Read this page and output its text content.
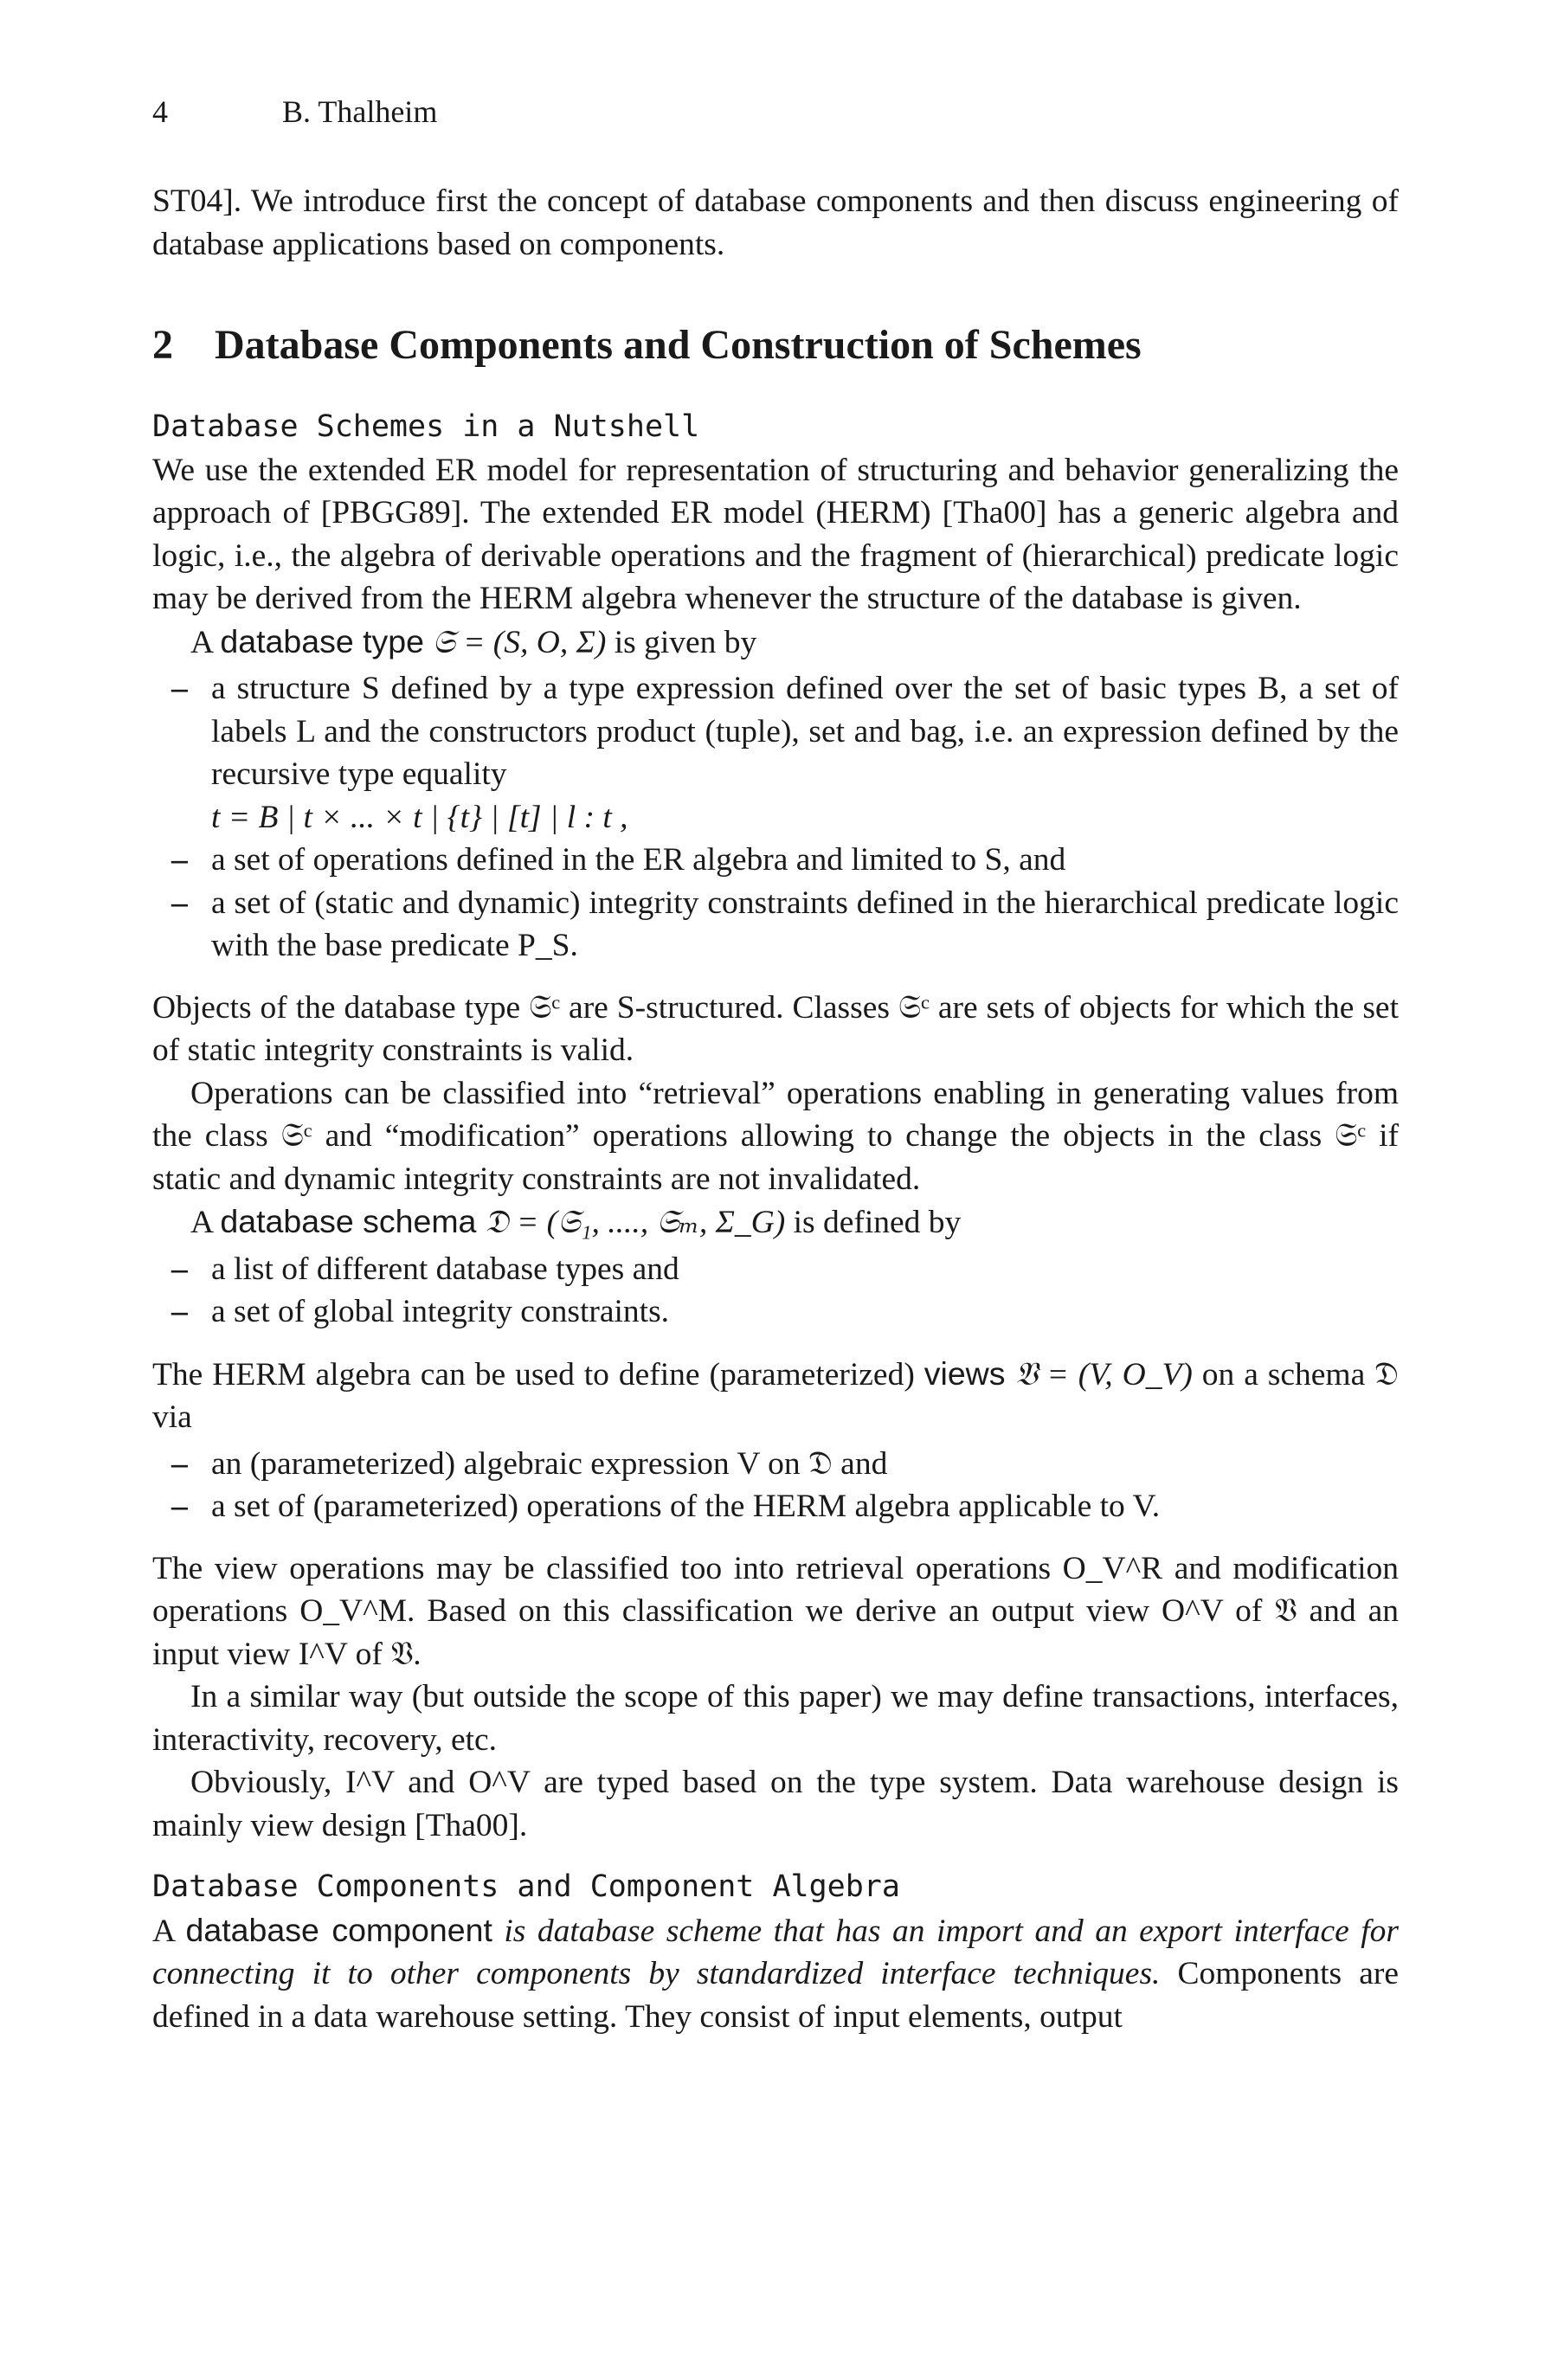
4	B. Thalheim

ST04]. We introduce first the concept of database components and then discuss engineering of database applications based on components.

2 Database Components and Construction of Schemes

Database Schemes in a Nutshell

We use the extended ER model for representation of structuring and behavior generalizing the approach of [PBGG89]. The extended ER model (HERM) [Tha00] has a generic algebra and logic, i.e., the algebra of derivable operations and the fragment of (hierarchical) predicate logic may be derived from the HERM algebra whenever the structure of the database is given.

A database type 𝔖 = (S, O, Σ) is given by

– a structure S defined by a type expression defined over the set of basic types B, a set of labels L and the constructors product (tuple), set and bag, i.e. an expression defined by the recursive type equality
t = B | t × ... × t | {t} | [t] | l : t ,
– a set of operations defined in the ER algebra and limited to S, and
– a set of (static and dynamic) integrity constraints defined in the hierarchical predicate logic with the base predicate P_S.

Objects of the database type 𝔖ᶜ are S-structured. Classes 𝔖ᶜ are sets of objects for which the set of static integrity constraints is valid.

Operations can be classified into “retrieval” operations enabling in generating values from the class 𝔖ᶜ and “modification” operations allowing to change the objects in the class 𝔖ᶜ if static and dynamic integrity constraints are not invalidated.

A database schema 𝔇 = (𝔖₁, ...., 𝔖ₘ, Σ_G) is defined by

– a list of different database types and
– a set of global integrity constraints.

The HERM algebra can be used to define (parameterized) views 𝔙 = (V, O_V) on a schema 𝔇 via

– an (parameterized) algebraic expression V on 𝔇 and
– a set of (parameterized) operations of the HERM algebra applicable to V.

The view operations may be classified too into retrieval operations O_V^R and modification operations O_V^M. Based on this classification we derive an output view O^V of 𝔙 and an input view I^V of 𝔙.

In a similar way (but outside the scope of this paper) we may define transactions, interfaces, interactivity, recovery, etc.

Obviously, I^V and O^V are typed based on the type system. Data warehouse design is mainly view design [Tha00].

Database Components and Component Algebra

A database component is database scheme that has an import and an export interface for connecting it to other components by standardized interface techniques. Components are defined in a data warehouse setting. They consist of input elements, output
